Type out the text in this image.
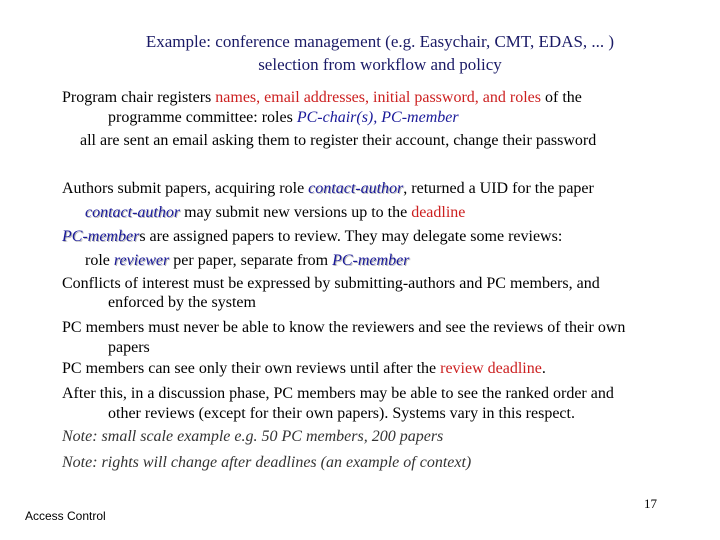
Example: conference management (e.g. Easychair, CMT, EDAS, ... )
selection from workflow and policy
Program chair registers names, email addresses, initial password, and roles of the
programme committee: roles PC-chair(s), PC-member
all are sent an email asking them to register their account, change their password
Authors submit papers, acquiring role contact-author, returned a UID for the paper
contact-author may submit new versions up to the deadline
PC-members are assigned papers to review. They may delegate some reviews:
role reviewer per paper, separate from PC-member
Conflicts of interest must be expressed by submitting-authors and PC members, and
enforced by the system
PC members must never be able to know the reviewers and see the reviews of their own
papers
PC members can see only their own reviews until after the review deadline.
After this, in a discussion phase, PC members may be able to see the ranked order and
other reviews (except for their own papers). Systems vary in this respect.
Note: small scale example e.g. 50 PC members, 200 papers
Note: rights will change after deadlines (an example of context)
Access Control
17
